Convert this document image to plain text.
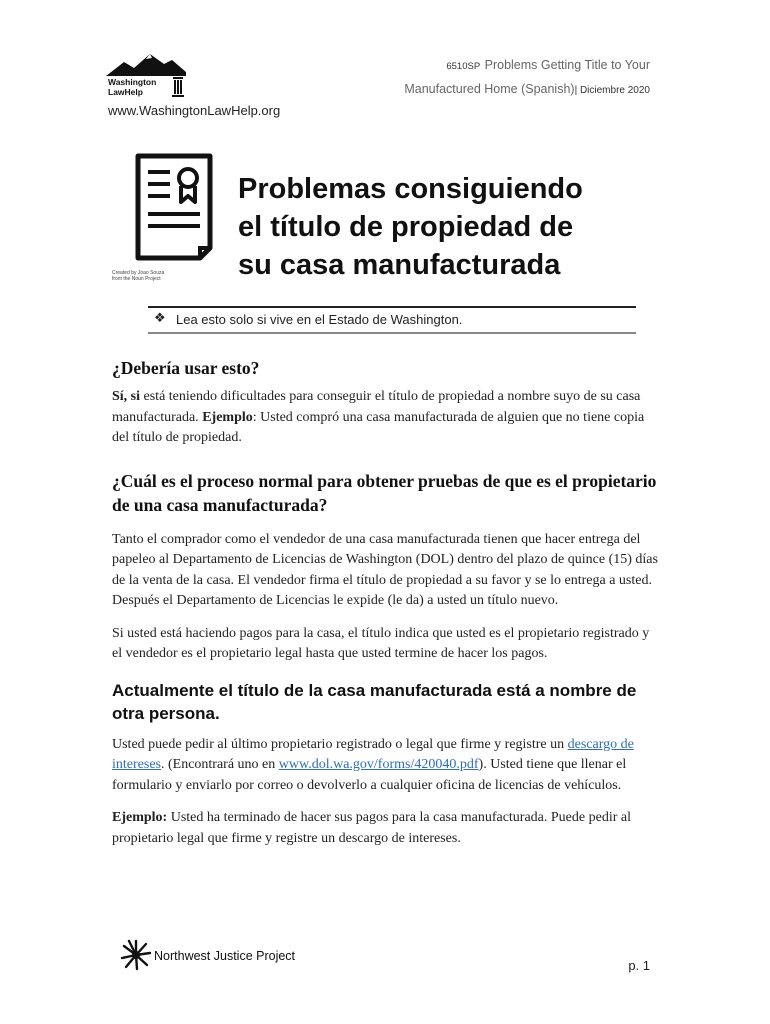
Washington
LawHelp
www.WashingtonLawHelp.org
6510SP Problems Getting Title to Your
Manufactured Home (Spanish)| Diciembre 2020
Created by Joao Souza from the Noun Project
Problemas consiguiendo
el título de propiedad de
su casa manufacturada
❖ Lea esto solo si vive en el Estado de Washington.
¿Debería usar esto?

Sí, si está teniendo dificultades para conseguir el título de propiedad a nombre suyo de su casa manufacturada. Ejemplo: Usted compró una casa manufacturada de alguien que no tiene copia del título de propiedad.

¿Cuál es el proceso normal para obtener pruebas de que es el propietario de una casa manufacturada?

Tanto el comprador como el vendedor de una casa manufacturada tienen que hacer entrega del papeleo al Departamento de Licencias de Washington (DOL) dentro del plazo de quince (15) días de la venta de la casa. El vendedor firma el título de propiedad a su favor y se lo entrega a usted. Después el Departamento de Licencias le expide (le da) a usted un título nuevo.

Si usted está haciendo pagos para la casa, el título indica que usted es el propietario registrado y el vendedor es el propietario legal hasta que usted termine de hacer los pagos.

Actualmente el título de la casa manufacturada está a nombre de otra persona.

Usted puede pedir al último propietario registrado o legal que firme y registre un descargo de intereses. (Encontrará uno en www.dol.wa.gov/forms/420040.pdf). Usted tiene que llenar el formulario y enviarlo por correo o devolverlo a cualquier oficina de licencias de vehículos.

Ejemplo: Usted ha terminado de hacer sus pagos para la casa manufacturada. Puede pedir al propietario legal que firme y registre un descargo de intereses.

Northwest Justice Project
p. 1
